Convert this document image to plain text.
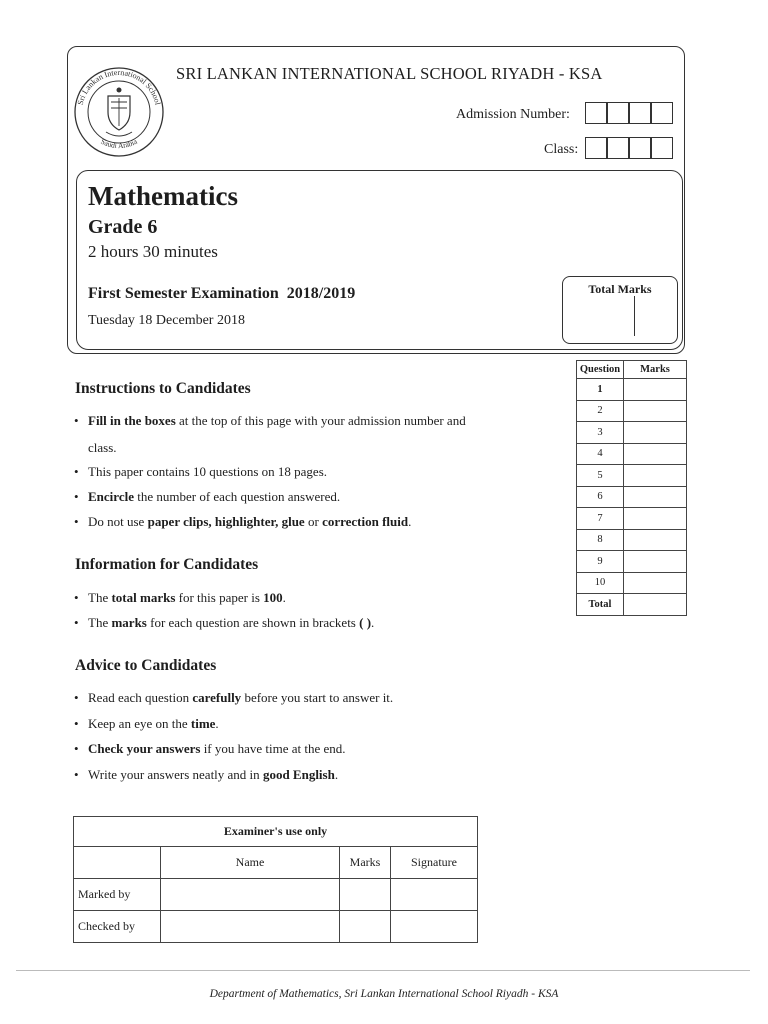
Sri Lankan International School
Saudi Arabia
SRI LANKAN INTERNATIONAL SCHOOL RIYADH - KSA
Admission Number:
Class:
Mathematics
Grade 6
2 hours 30 minutes
First Semester Examination  2018/2019
Tuesday 18 December 2018
Total Marks
Question	Marks
1	
2	
3	
4	
5	
6	
7	
8	
9	
10	
Total	
Instructions to Candidates
• Fill in the boxes at the top of this page with your admission number and
class.
• This paper contains 10 questions on 18 pages.
• Encircle the number of each question answered.
• Do not use paper clips, highlighter, glue or correction fluid.
Information for Candidates
• The total marks for this paper is 100.
• The marks for each question are shown in brackets ( ).
Advice to Candidates
• Read each question carefully before you start to answer it.
• Keep an eye on the time.
• Check your answers if you have time at the end.
• Write your answers neatly and in good English.
Examiner's use only			
	Name	Marks	Signature
Marked by			
Checked by			
Department of Mathematics, Sri Lankan International School Riyadh - KSA
